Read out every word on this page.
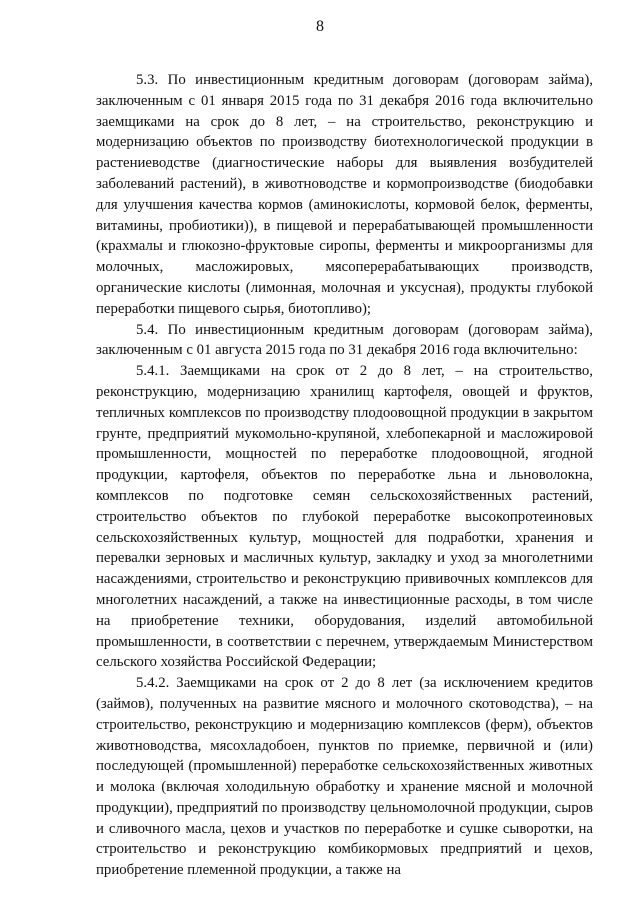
8

5.3. По инвестиционным кредитным договорам (договорам займа), заключенным с 01 января 2015 года по 31 декабря 2016 года включительно заемщиками на срок до 8 лет, – на строительство, реконструкцию и модернизацию объектов по производству биотехнологической продукции в растениеводстве (диагностические наборы для выявления возбудителей заболеваний растений), в животноводстве и кормопроизводстве (биодобавки для улучшения качества кормов (аминокислоты, кормовой белок, ферменты, витамины, пробиотики)), в пищевой и перерабатывающей промышленности (крахмалы и глюкозно-фруктовые сиропы, ферменты и микроорганизмы для молочных, масложировых, мясоперерабатывающих производств, органические кислоты (лимонная, молочная и уксусная), продукты глубокой переработки пищевого сырья, биотопливо);

5.4. По инвестиционным кредитным договорам (договорам займа), заключенным с 01 августа 2015 года по 31 декабря 2016 года включительно:

5.4.1. Заемщиками на срок от 2 до 8 лет, – на строительство, реконструкцию, модернизацию хранилищ картофеля, овощей и фруктов, тепличных комплексов по производству плодоовощной продукции в закрытом грунте, предприятий мукомольно-крупяной, хлебопекарной и масложировой промышленности, мощностей по переработке плодоовощной, ягодной продукции, картофеля, объектов по переработке льна и льноволокна, комплексов по подготовке семян сельскохозяйственных растений, строительство объектов по глубокой переработке высокопротеиновых сельскохозяйственных культур, мощностей для подработки, хранения и перевалки зерновых и масличных культур, закладку и уход за многолетними насаждениями, строительство и реконструкцию прививочных комплексов для многолетних насаждений, а также на инвестиционные расходы, в том числе на приобретение техники, оборудования, изделий автомобильной промышленности, в соответствии с перечнем, утверждаемым Министерством сельского хозяйства Российской Федерации;

5.4.2. Заемщиками на срок от 2 до 8 лет (за исключением кредитов (займов), полученных на развитие мясного и молочного скотоводства), – на строительство, реконструкцию и модернизацию комплексов (ферм), объектов животноводства, мясохладобоен, пунктов по приемке, первичной и (или) последующей (промышленной) переработке сельскохозяйственных животных и молока (включая холодильную обработку и хранение мясной и молочной продукции), предприятий по производству цельномолочной продукции, сыров и сливочного масла, цехов и участков по переработке и сушке сыворотки, на строительство и реконструкцию комбикормовых предприятий и цехов, приобретение племенной продукции, а также на
